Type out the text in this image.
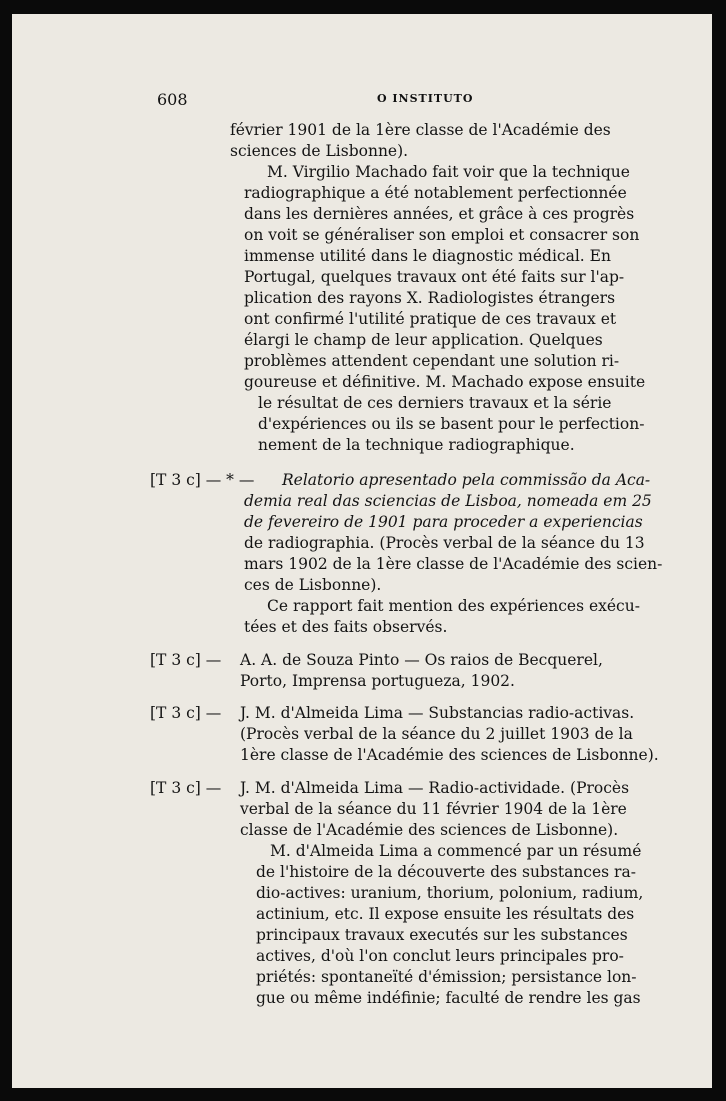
608	O INSTITUTO
février 1901 de la 1ère classe de l'Académie des
sciences de Lisbonne).
M. Virgilio Machado fait voir que la technique
radiographique a été notablement perfectionnée
dans les dernières années, et grâce à ces progrès
on voit se généraliser son emploi et consacrer son
immense utilité dans le diagnostic médical. En
Portugal, quelques travaux ont été faits sur l'ap-
plication des rayons X. Radiologistes étrangers
ont confirmé l'utilité pratique de ces travaux et
élargi le champ de leur application. Quelques
problèmes attendent cependant une solution ri-
goureuse et définitive. M. Machado expose ensuite
le résultat de ces derniers travaux et la série
d'expériences ou ils se basent pour le perfection-
nement de la technique radiographique.
[T 3 c] — * — Relatorio apresentado pela commissão da Aca-
demia real das sciencias de Lisboa, nomeada em 25
de fevereiro de 1901 para proceder a experiencias
de radiographia. (Procès verbal de la séance du 13
mars 1902 de la 1ère classe de l'Académie des scien-
ces de Lisbonne).
Ce rapport fait mention des expériences exécu-
tées et des faits observés.
[T 3 c] — A. A. de Souza Pinto — Os raios de Becquerel,
Porto, Imprensa portugueza, 1902.
[T 3 c] — J. M. d'Almeida Lima — Substancias radio-activas.
(Procès verbal de la séance du 2 juillet 1903 de la
1ère classe de l'Académie des sciences de Lisbonne).
[T 3 c] — J. M. d'Almeida Lima — Radio-actividade. (Procès
verbal de la séance du 11 février 1904 de la 1ère
classe de l'Académie des sciences de Lisbonne).
M. d'Almeida Lima a commencé par un résumé
de l'histoire de la découverte des substances ra-
dio-actives: uranium, thorium, polonium, radium,
actinium, etc. Il expose ensuite les résultats des
principaux travaux executés sur les substances
actives, d'où l'on conclut leurs principales pro-
priétés: spontaneïté d'émission; persistance lon-
gue ou même indéfinie; faculté de rendre les gas
